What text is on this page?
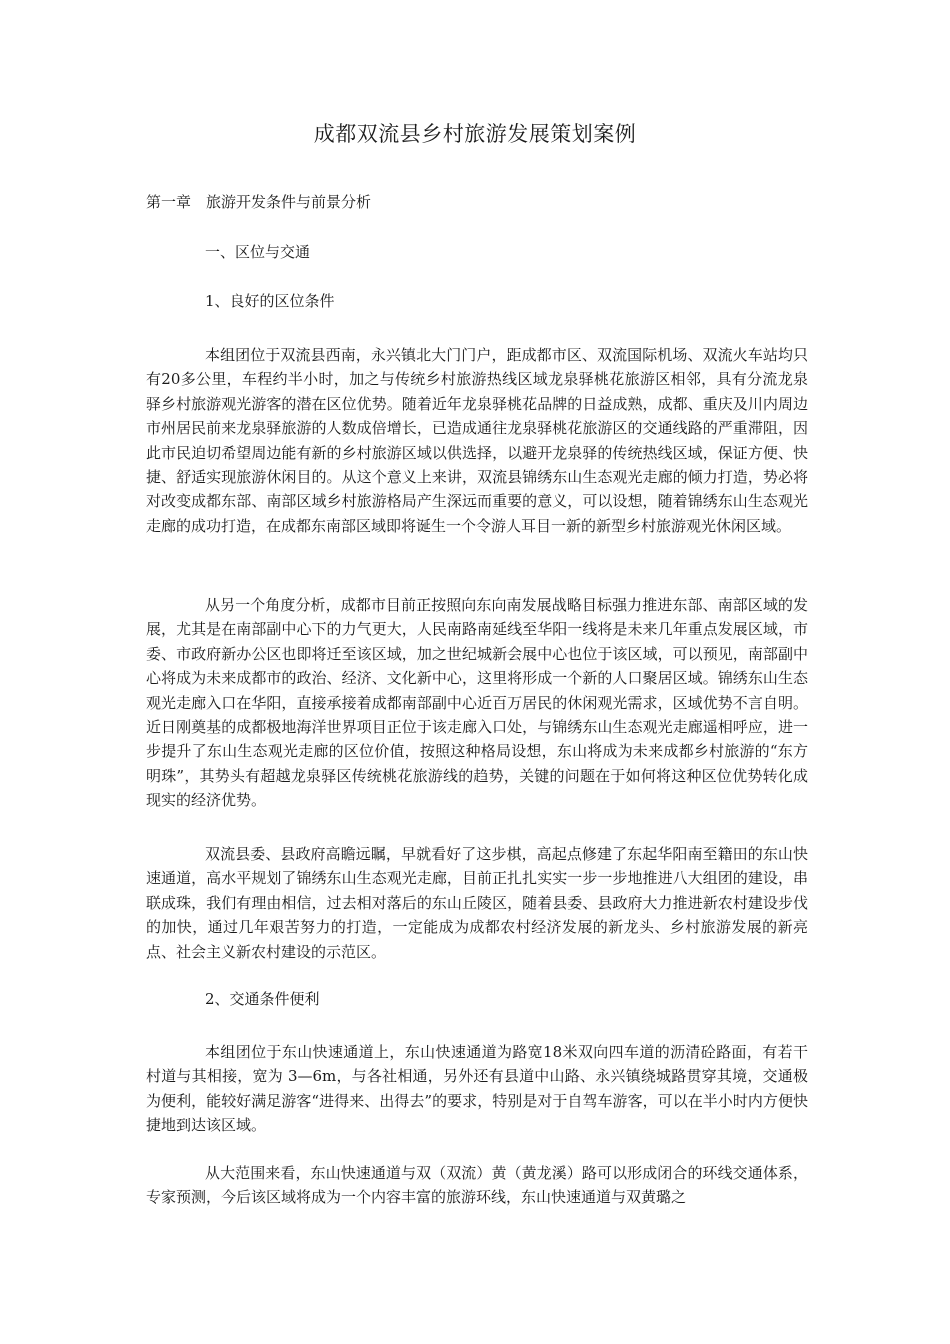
成都双流县乡村旅游发展策划案例
第一章　旅游开发条件与前景分析
一、区位与交通
1、良好的区位条件

本组团位于双流县西南，永兴镇北大门门户，距成都市区、双流国际机场、双流火车站均只有20多公里，车程约半小时，加之与传统乡村旅游热线区域龙泉驿桃花旅游区相邻，具有分流龙泉驿乡村旅游观光游客的潜在区位优势。随着近年龙泉驿桃花品牌的日益成熟，成都、重庆及川内周边市州居民前来龙泉驿旅游的人数成倍增长，已造成通往龙泉驿桃花旅游区的交通线路的严重滞阻，因此市民迫切希望周边能有新的乡村旅游区域以供选择，以避开龙泉驿的传统热线区域，保证方便、快捷、舒适实现旅游休闲目的。从这个意义上来讲，双流县锦绣东山生态观光走廊的倾力打造，势必将对改变成都东部、南部区域乡村旅游格局产生深远而重要的意义，可以设想，随着锦绣东山生态观光走廊的成功打造，在成都东南部区域即将诞生一个令游人耳目一新的新型乡村旅游观光休闲区域。

从另一个角度分析，成都市目前正按照向东向南发展战略目标强力推进东部、南部区域的发展，尤其是在南部副中心下的力气更大，人民南路南延线至华阳一线将是未来几年重点发展区域，市委、市政府新办公区也即将迁至该区域，加之世纪城新会展中心也位于该区域，可以预见，南部副中心将成为未来成都市的政治、经济、文化新中心，这里将形成一个新的人口聚居区域。锦绣东山生态观光走廊入口在华阳，直接承接着成都南部副中心近百万居民的休闲观光需求，区域优势不言自明。近日刚奠基的成都极地海洋世界项目正位于该走廊入口处，与锦绣东山生态观光走廊遥相呼应，进一步提升了东山生态观光走廊的区位价值，按照这种格局设想，东山将成为未来成都乡村旅游的“东方明珠”，其势头有超越龙泉驿区传统桃花旅游线的趋势，关键的问题在于如何将这种区位优势转化成现实的经济优势。

双流县委、县政府高瞻远瞩，早就看好了这步棋，高起点修建了东起华阳南至籍田的东山快速通道，高水平规划了锦绣东山生态观光走廊，目前正扎扎实实一步一步地推进八大组团的建设，串联成珠，我们有理由相信，过去相对落后的东山丘陵区，随着县委、县政府大力推进新农村建设步伐的加快，通过几年艰苦努力的打造，一定能成为成都农村经济发展的新龙头、乡村旅游发展的新亮点、社会主义新农村建设的示范区。

2、交通条件便利

本组团位于东山快速通道上，东山快速通道为路宽18米双向四车道的沥清砼路面，有若干村道与其相接，宽为 3—6m，与各社相通，另外还有县道中山路、永兴镇绕城路贯穿其境，交通极为便利，能较好满足游客“进得来、出得去”的要求，特别是对于自驾车游客，可以在半小时内方便快捷地到达该区域。

从大范围来看，东山快速通道与双（双流）黄（黄龙溪）路可以形成闭合的环线交通体系，专家预测，今后该区域将成为一个内容丰富的旅游环线，东山快速通道与双黄璐之
